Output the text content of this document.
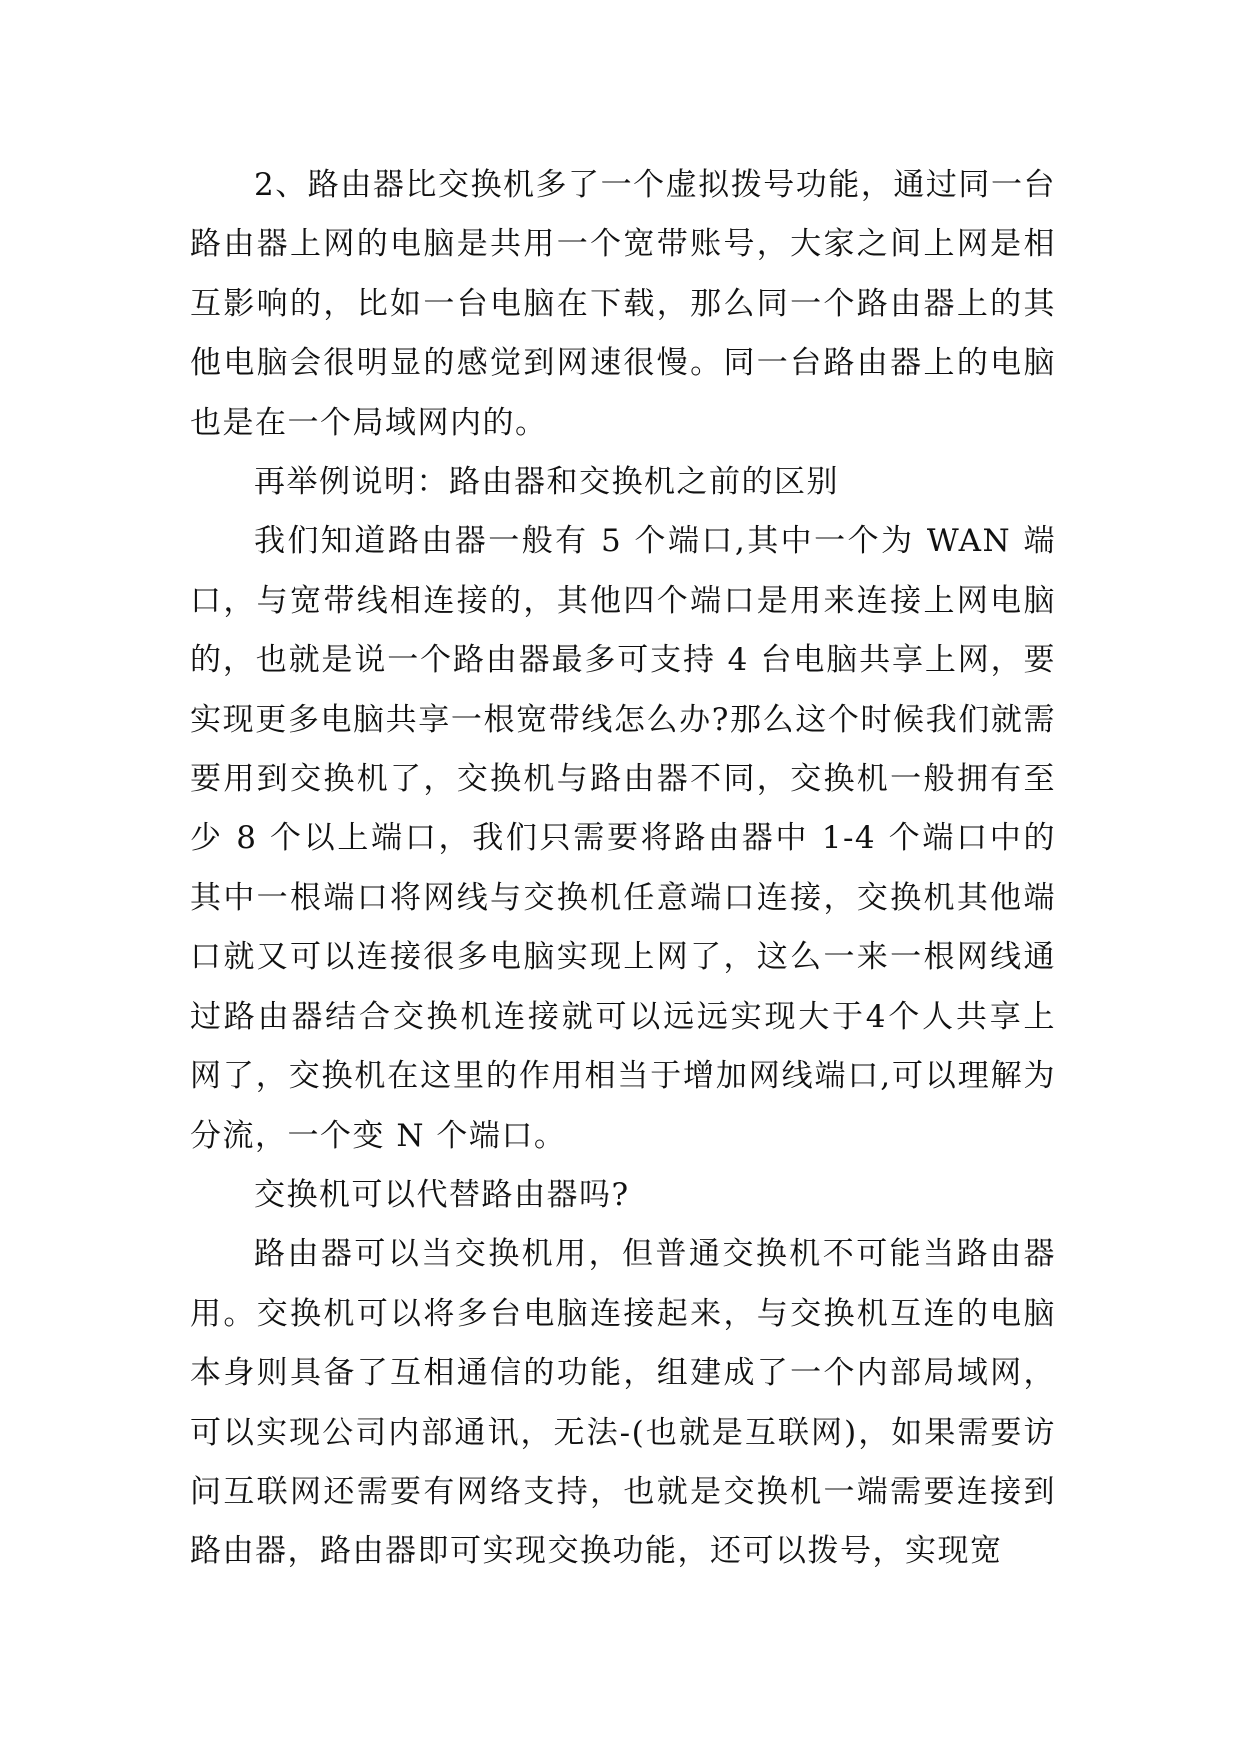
2、路由器比交换机多了一个虚拟拨号功能，通过同一台路由器上网的电脑是共用一个宽带账号，大家之间上网是相互影响的，比如一台电脑在下载，那么同一个路由器上的其他电脑会很明显的感觉到网速很慢。同一台路由器上的电脑也是在一个局域网内的。

再举例说明：路由器和交换机之前的区别

我们知道路由器一般有 5 个端口,其中一个为 WAN 端口，与宽带线相连接的，其他四个端口是用来连接上网电脑的，也就是说一个路由器最多可支持 4 台电脑共享上网，要实现更多电脑共享一根宽带线怎么办?那么这个时候我们就需要用到交换机了，交换机与路由器不同，交换机一般拥有至少 8 个以上端口，我们只需要将路由器中 1-4 个端口中的其中一根端口将网线与交换机任意端口连接，交换机其他端口就又可以连接很多电脑实现上网了，这么一来一根网线通过路由器结合交换机连接就可以远远实现大于4个人共享上网了，交换机在这里的作用相当于增加网线端口,可以理解为分流，一个变 N 个端口。

交换机可以代替路由器吗?

路由器可以当交换机用，但普通交换机不可能当路由器用。交换机可以将多台电脑连接起来，与交换机互连的电脑本身则具备了互相通信的功能，组建成了一个内部局域网，可以实现公司内部通讯，无法-(也就是互联网)，如果需要访问互联网还需要有网络支持，也就是交换机一端需要连接到路由器，路由器即可实现交换功能，还可以拨号，实现宽
